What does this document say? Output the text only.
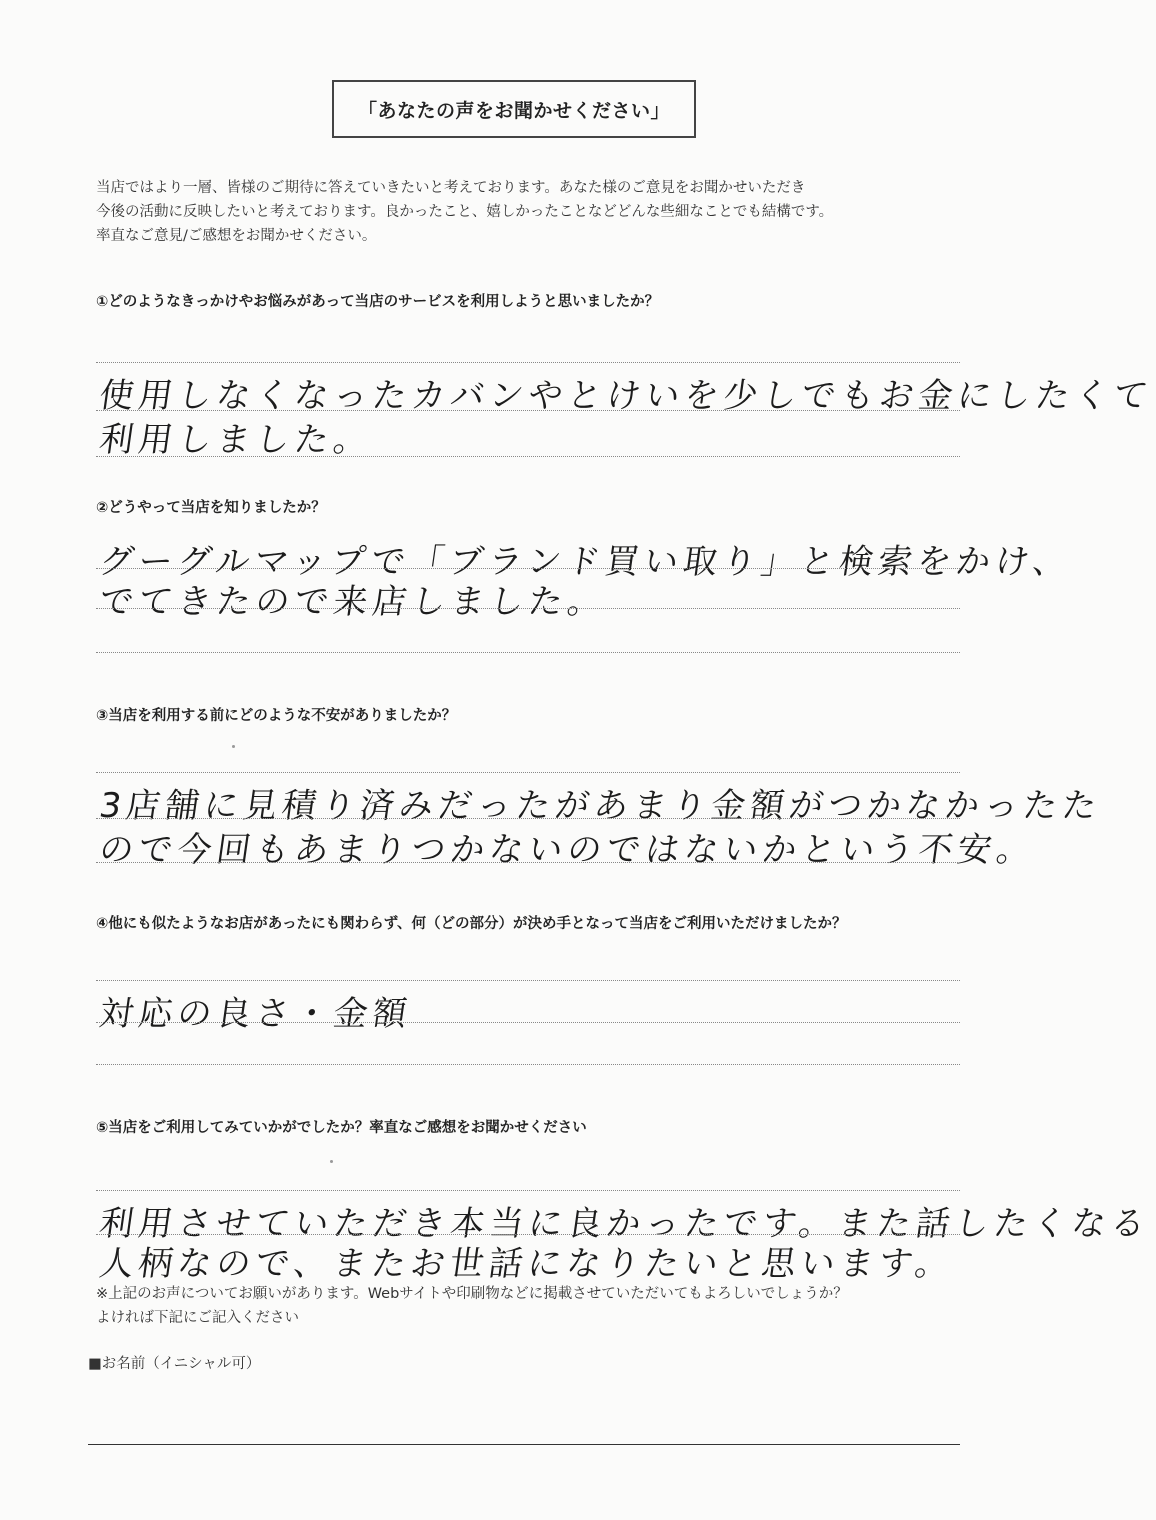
「あなたの声をお聞かせください」
当店ではより一層、皆様のご期待に答えていきたいと考えております。あなた様のご意見をお聞かせいただき
今後の活動に反映したいと考えております。良かったこと、嬉しかったことなどどんな些細なことでも結構です。
率直なご意見/ご感想をお聞かせください。
①どのようなきっかけやお悩みがあって当店のサービスを利用しようと思いましたか？
使用しなくなったカバンやとけいを少しでもお金にしたくて
利用しました。
②どうやって当店を知りましたか？
グーグルマップで「ブランド買い取り」と検索をかけ、
でてきたので来店しました。
③当店を利用する前にどのような不安がありましたか？
3店舗に見積り済みだったがあまり金額がつかなかったた
ので今回もあまりつかないのではないかという不安。
④他にも似たようなお店があったにも関わらず、何（どの部分）が決め手となって当店をご利用いただけましたか？
対応の良さ・金額
⑤当店をご利用してみていかがでしたか？率直なご感想をお聞かせください
利用させていただき本当に良かったです。また話したくなる
人柄なので、またお世話になりたいと思います。
※上記のお声についてお願いがあります。Webサイトや印刷物などに掲載させていただいてもよろしいでしょうか？
よければ下記にご記入ください
■お名前（イニシャル可）
